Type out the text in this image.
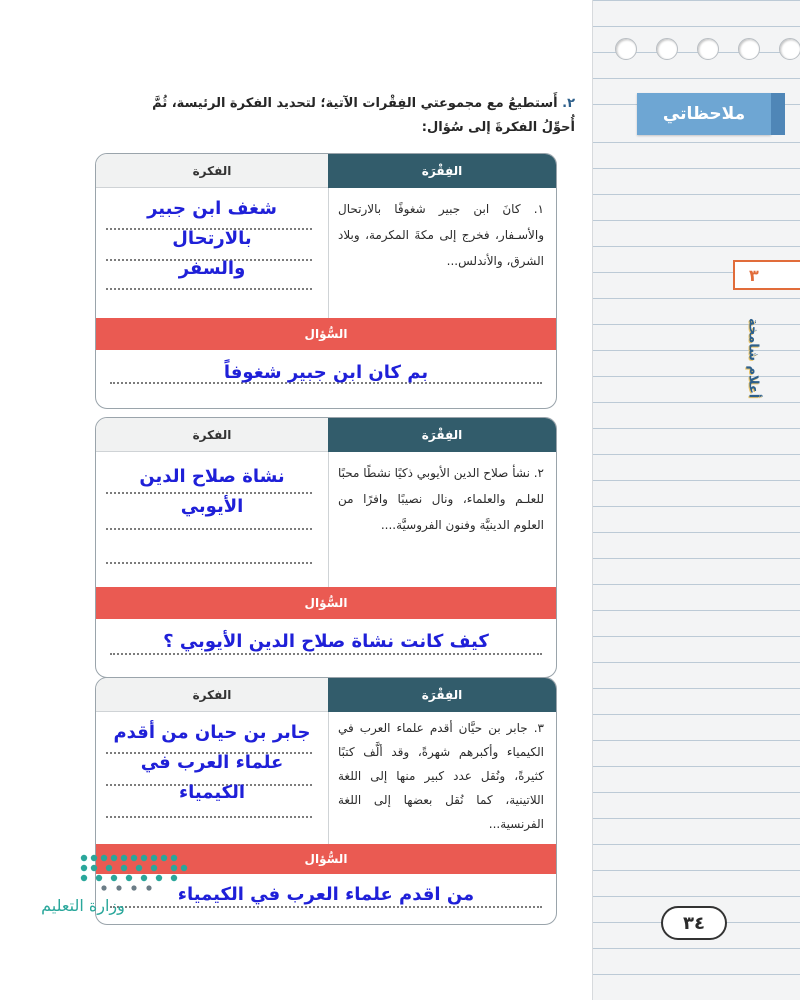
ملاحظاتي
٣
أعلام شامخة
٣٤
٢. أَستطيعُ مع مجموعتي الفِقْرات الآتية؛ لتحديد الفكرة الرئيسة، ثُمَّ أُحوِّلُ الفكرةَ إلى سُؤال:
الفكرة	الفِقْرَة
شغف ابن جبير بالارتحال
والسفر
١. كانَ ابن جبير شغوفًا بالارتحال والأسـفار، فخرج إلى مكةَ المكرمة، وبلاد الشرق، والأندلس...
السُّؤال
بم كان ابن جبير شغوفاً
الفكرة	الفِقْرَة
نشاة صلاح الدين الأيوبي
٢. نشأ صلاح الدين الأيوبي ذكيًا نشطًا محبًا للعلـم والعلماء، ونال نصيبًا وافرًا من العلوم الدينيَّة وفنون الفروسيَّة....
السُّؤال
كيف كانت نشاة صلاح الدين الأيوبي ؟
الفكرة	الفِقْرَة
جابر بن حيان من أقدم
علماء العرب في الكيمياء
٣. جابر بن حيَّان أقدم علماء العرب في الكيمياء وأكبرهم شهرةً، وقد ألَّف كتبًا كثيرةً، ونُقل عدد كبير منها إلى اللغة اللاتينية، كما نُقل بعضها إلى اللغة الفرنسية...
السُّؤال
من اقدم علماء العرب في الكيمياء
وزارة التعليم
